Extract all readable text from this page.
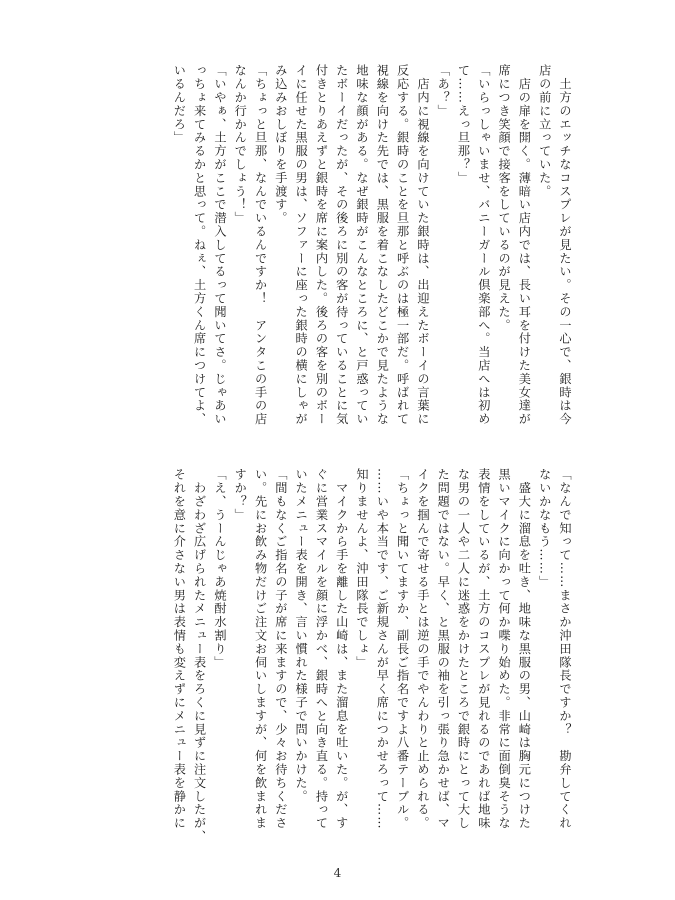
　土方のエッチなコスプレが見たい。その一心で、銀時は今
店の前に立っていた。
　店の扉を開く。薄暗い店内では、長い耳を付けた美女達が
席につき笑顔で接客をしているのが見えた。
「いらっしゃいませ、バニーガール倶楽部へ。当店へは初め
て……えっ旦那？」
「あ？」
　店内に視線を向けていた銀時は、出迎えたボーイの言葉に
反応する。銀時のことを旦那と呼ぶのは極一部だ。呼ばれて
視線を向けた先では、黒服を着こなしたどこかで見たような
地味な顔がある。なぜ銀時がこんなところに、と戸惑ってい
たボーイだったが、その後ろに別の客が待っていることに気
付きとりあえずと銀時を席に案内した。後ろの客を別のボー
イに任せた黒服の男は、ソファーに座った銀時の横にしゃが
み込みおしぼりを手渡す。
「ちょっと旦那、なんでいるんですか！　アンタこの手の店
なんか行かんでしょう！」
「いやぁ、土方がここで潜入してるって聞いてさ。じゃあい
っちょ来てみるかと思って。ねぇ、土方くん席につけてよ、
いるんだろ」
「なんで知って……まさか沖田隊長ですか？　勘弁してくれ
ないかなもう……」
　盛大に溜息を吐き、地味な黒服の男、山崎は胸元につけた
黒いマイクに向かって何か喋り始めた。非常に面倒臭そうな
表情をしているが、土方のコスプレが見れるのであれば地味
な男の一人や二人に迷惑をかけたところで銀時にとって大し
た問題ではない。早く、と黒服の袖を引っ張り急かせば、マ
イクを掴んで寄せる手とは逆の手でやんわりと止められる。
「ちょっと聞いてますか、副長ご指名ですよ八番テーブル。
……いや本当です、ご新規さんが早く席につかせろって……
知りませんよ、沖田隊長でしょ」
　マイクから手を離した山崎は、また溜息を吐いた。が、す
ぐに営業スマイルを顔に浮かべ、銀時へと向き直る。持って
いたメニュー表を開き、言い慣れた様子で問いかけた。
「間もなくご指名の子が席に来ますので、少々お待ちくださ
い。先にお飲み物だけご注文お伺いしますが、何を飲まれま
すか？」
「え、うーんじゃあ焼酎水割り」
　わざわざ広げられたメニュー表をろくに見ずに注文したが、
それを意に介さない男は表情も変えずにメニュー表を静かに
4
